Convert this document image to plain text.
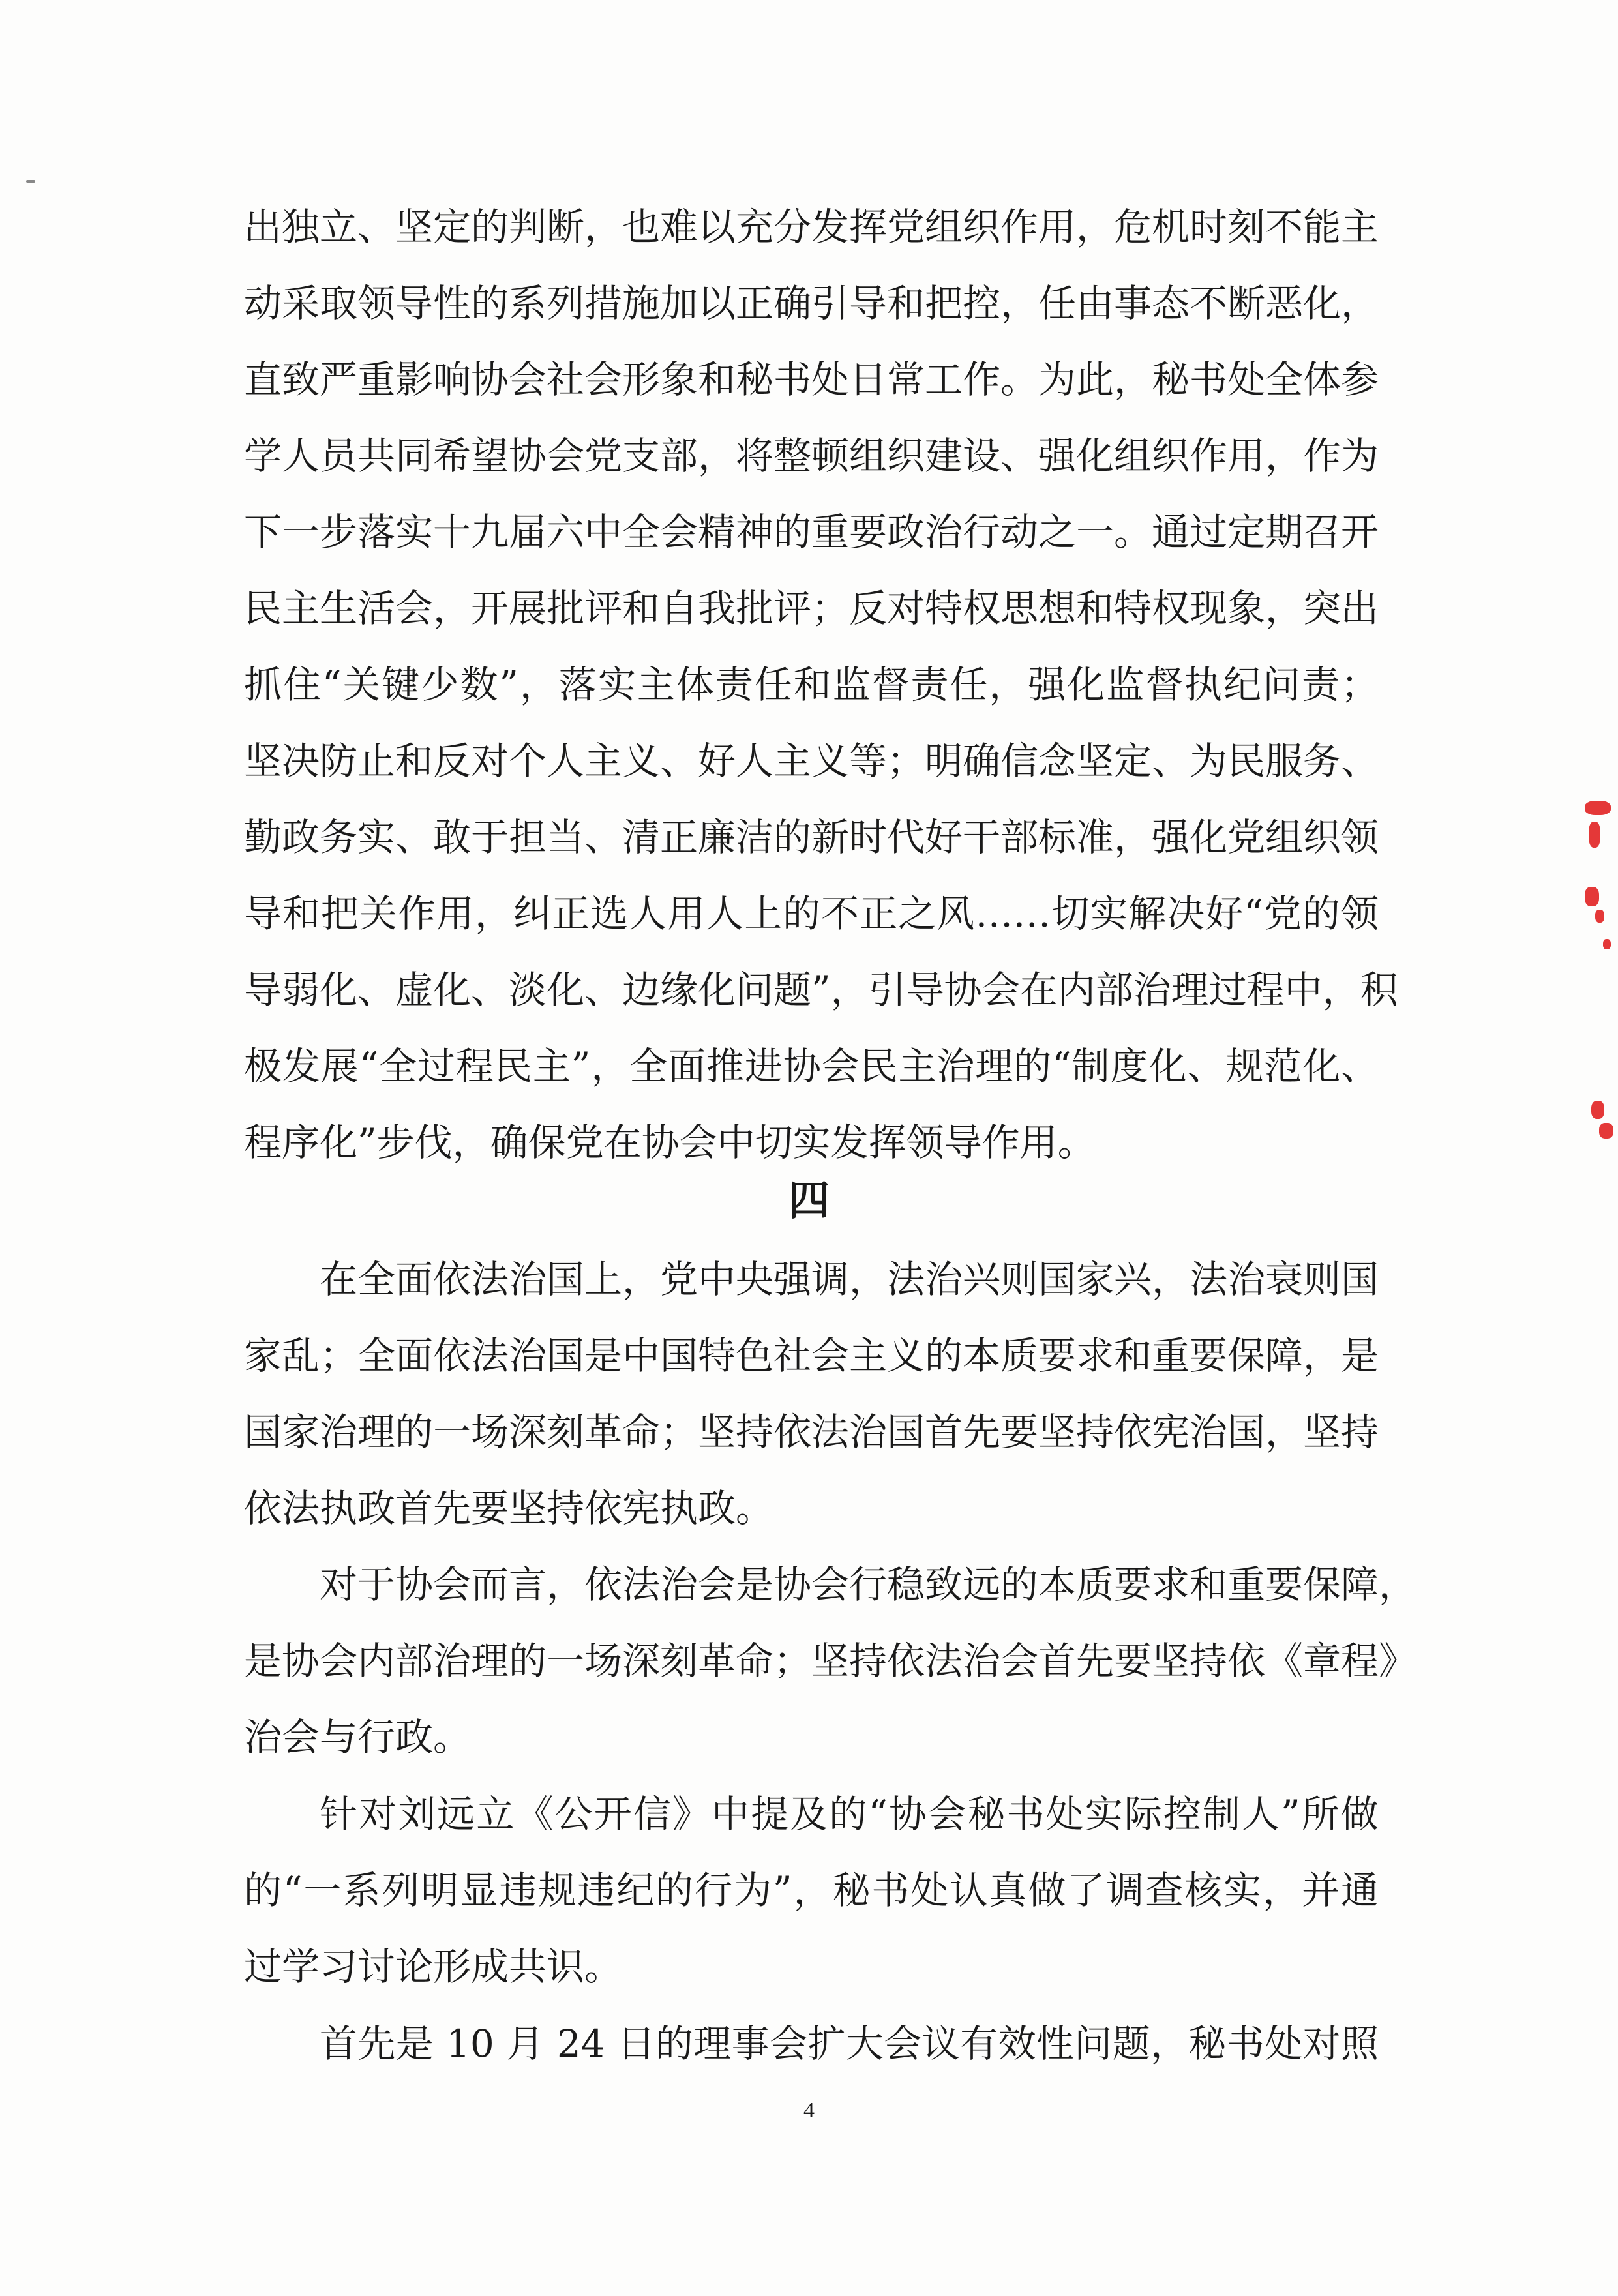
出独立、坚定的判断，也难以充分发挥党组织作用，危机时刻不能主
动采取领导性的系列措施加以正确引导和把控，任由事态不断恶化，
直致严重影响协会社会形象和秘书处日常工作。为此，秘书处全体参
学人员共同希望协会党支部，将整顿组织建设、强化组织作用，作为
下一步落实十九届六中全会精神的重要政治行动之一。通过定期召开
民主生活会，开展批评和自我批评；反对特权思想和特权现象，突出
抓住“关键少数”，落实主体责任和监督责任，强化监督执纪问责；
坚决防止和反对个人主义、好人主义等；明确信念坚定、为民服务、
勤政务实、敢于担当、清正廉洁的新时代好干部标准，强化党组织领
导和把关作用，纠正选人用人上的不正之风……切实解决好“党的领
导弱化、虚化、淡化、边缘化问题”，引导协会在内部治理过程中，积
极发展“全过程民主”，全面推进协会民主治理的“制度化、规范化、
程序化”步伐，确保党在协会中切实发挥领导作用。
四
在全面依法治国上，党中央强调，法治兴则国家兴，法治衰则国
家乱；全面依法治国是中国特色社会主义的本质要求和重要保障，是
国家治理的一场深刻革命；坚持依法治国首先要坚持依宪治国，坚持
依法执政首先要坚持依宪执政。
对于协会而言，依法治会是协会行稳致远的本质要求和重要保障，
是协会内部治理的一场深刻革命；坚持依法治会首先要坚持依《章程》
治会与行政。
针对刘远立《公开信》中提及的“协会秘书处实际控制人”所做
的“一系列明显违规违纪的行为”，秘书处认真做了调查核实，并通
过学习讨论形成共识。
首先是 10 月 24 日的理事会扩大会议有效性问题，秘书处对照
4
